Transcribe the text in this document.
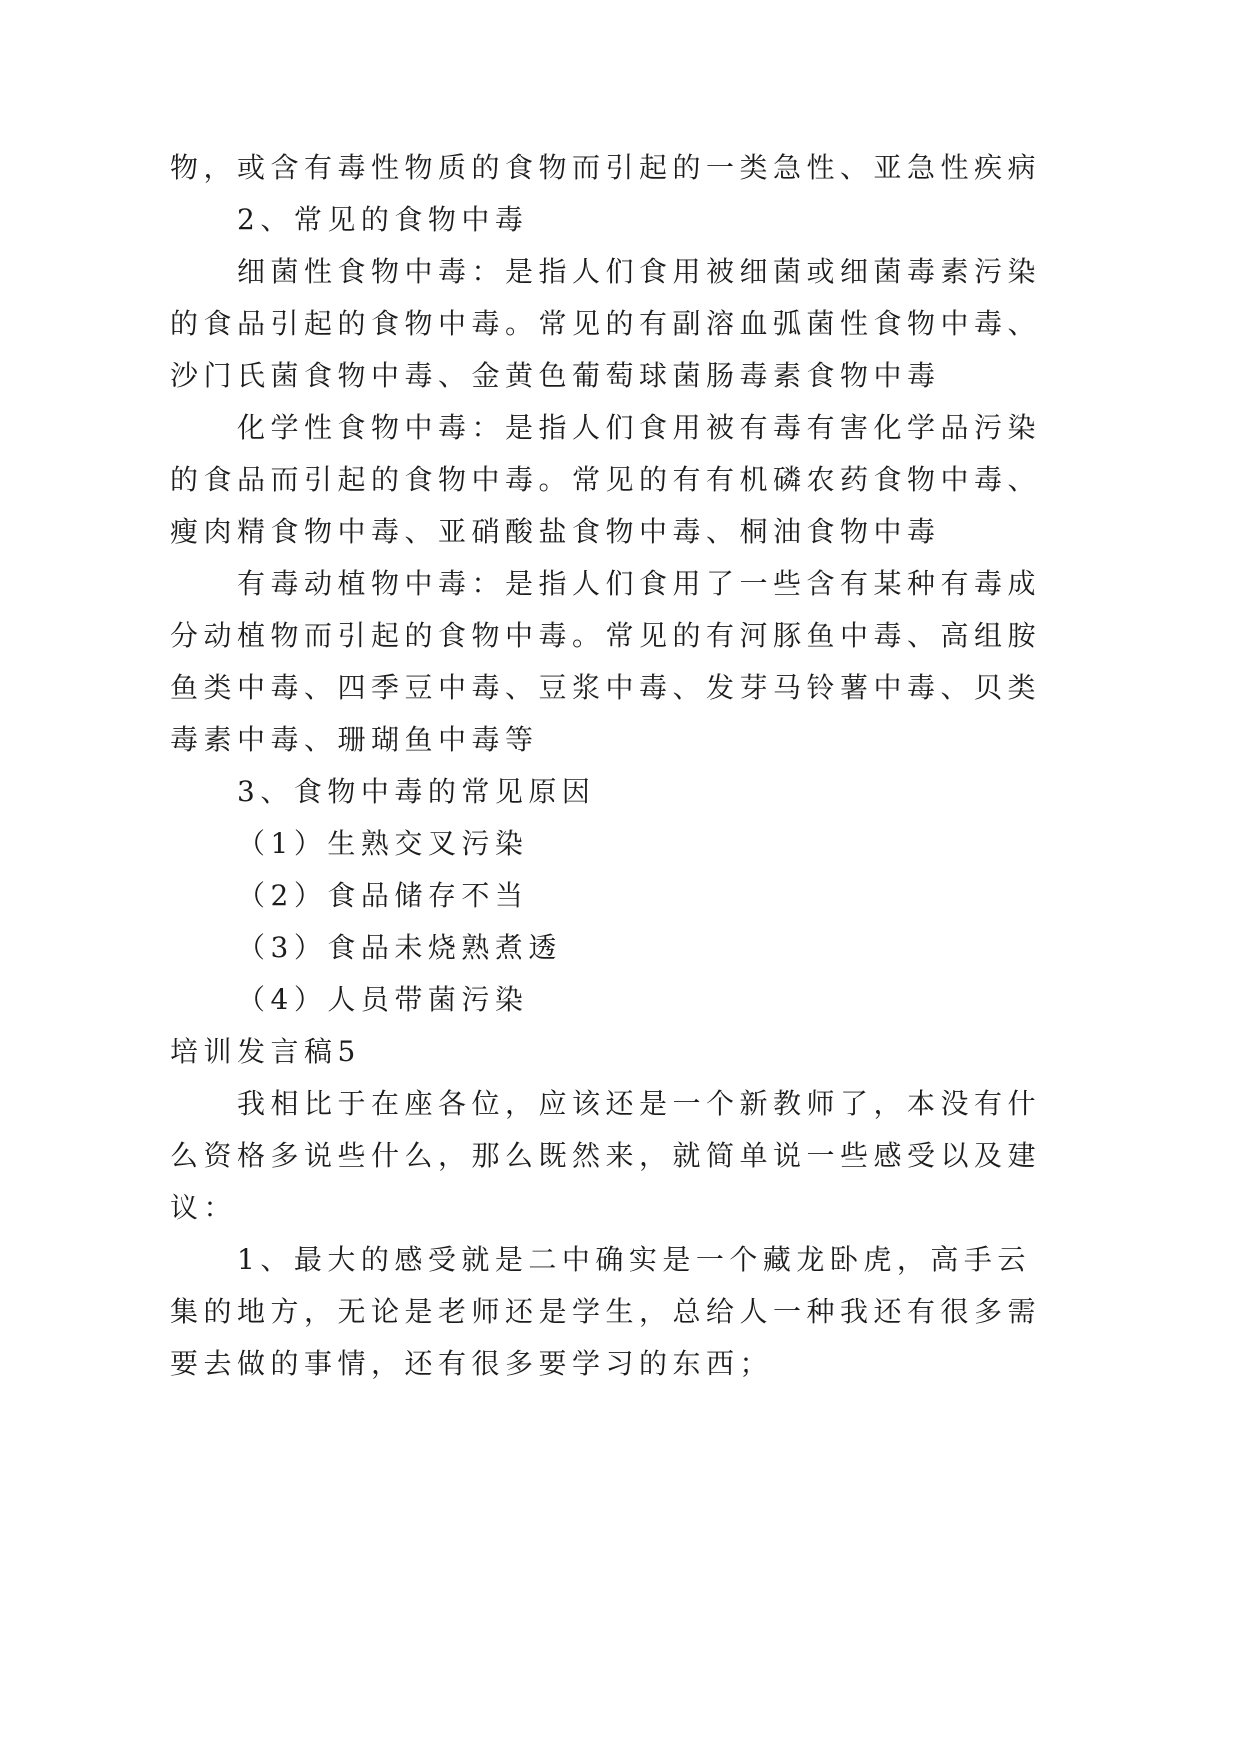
物，或含有毒性物质的食物而引起的一类急性、亚急性疾病
2、常见的食物中毒
细菌性食物中毒：是指人们食用被细菌或细菌毒素污染
的食品引起的食物中毒。常见的有副溶血弧菌性食物中毒、
沙门氏菌食物中毒、金黄色葡萄球菌肠毒素食物中毒
化学性食物中毒：是指人们食用被有毒有害化学品污染
的食品而引起的食物中毒。常见的有有机磷农药食物中毒、
瘦肉精食物中毒、亚硝酸盐食物中毒、桐油食物中毒
有毒动植物中毒：是指人们食用了一些含有某种有毒成
分动植物而引起的食物中毒。常见的有河豚鱼中毒、高组胺
鱼类中毒、四季豆中毒、豆浆中毒、发芽马铃薯中毒、贝类
毒素中毒、珊瑚鱼中毒等
3、食物中毒的常见原因
（1）生熟交叉污染
（2）食品储存不当
（3）食品未烧熟煮透
（4）人员带菌污染
培训发言稿5
我相比于在座各位，应该还是一个新教师了，本没有什
么资格多说些什么，那么既然来，就简单说一些感受以及建
议：
1、最大的感受就是二中确实是一个藏龙卧虎，高手云
集的地方，无论是老师还是学生，总给人一种我还有很多需
要去做的事情，还有很多要学习的东西；
